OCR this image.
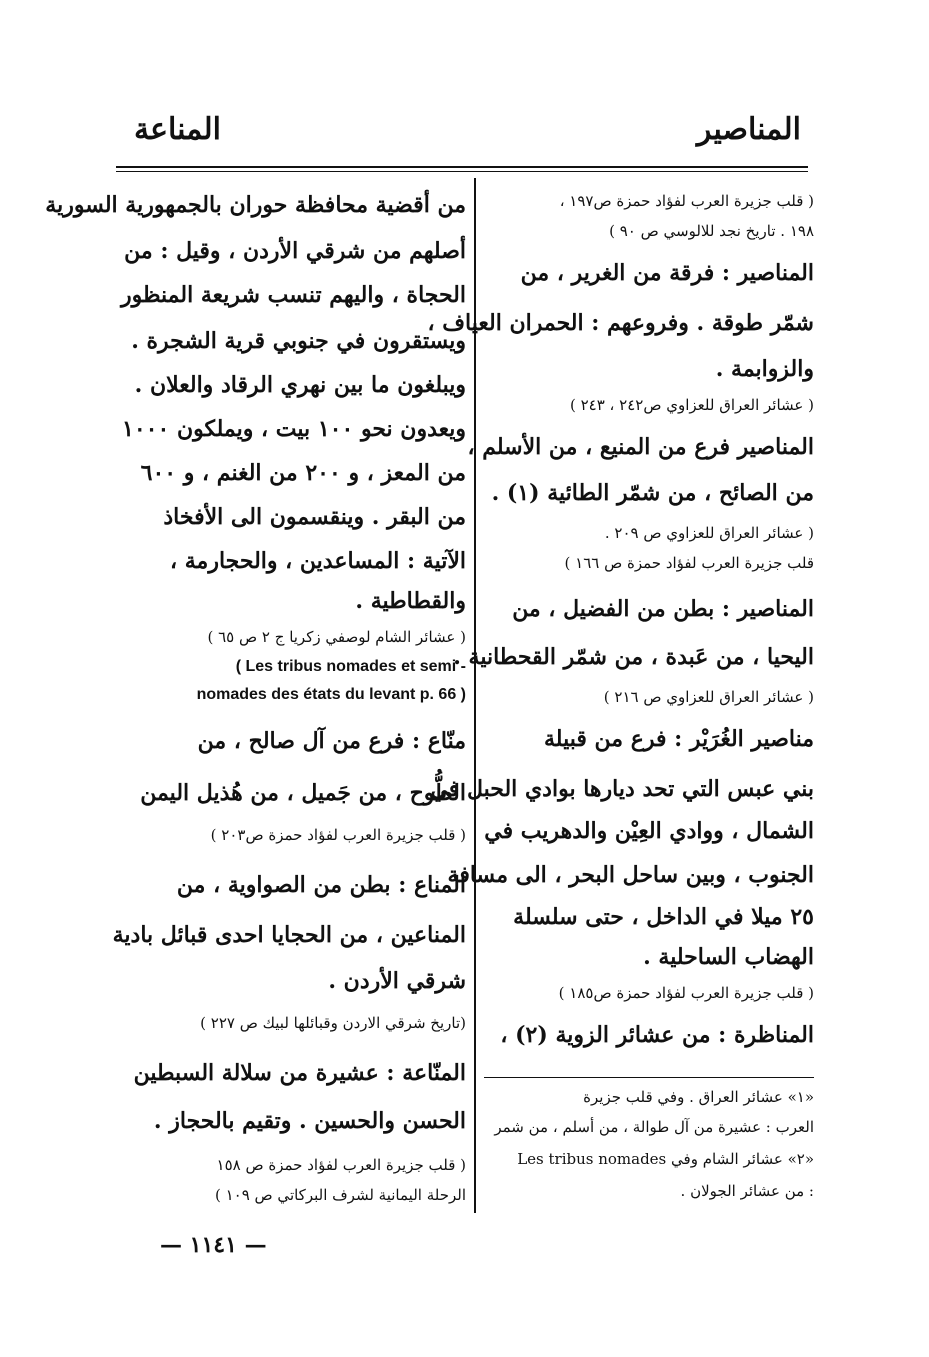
المناصير
المناعة
( قلب جزيرة العرب لفؤاد حمزة ص١٩٧ ،
١٩٨ . تاريخ نجد للالوسي ص ٩٠ )
المناصير : فرقة من الغرير ، من
شمّر طوقة . وفروعهم : الحمران العياف ،
والزوابمة .
( عشائر العراق للعزاوي ص٢٤٢ ، ٢٤٣ )
المناصير فرع من المنيع ، من الأسلم ،
من الصائح ، من شمّر الطائية (١) .
( عشائر العراق للعزاوي ص ٢٠٩ .
قلب جزيرة العرب لفؤاد حمزة ص ١٦٦ )
المناصير : بطن من الفضيل ، من
اليحيا ، من عَبدة ، من شمّر القحطانية .
( عشائر العراق للعزاوي ص ٢١٦ )
مناصير الغُرَيْر : فرع من قبيلة
بني عبس التي تحد ديارها بوادي الحبل في
الشمال ، ووادي العِيْن والدهريب في
الجنوب ، وبين ساحل البحر ، الى مسافة
٢٥ ميلا في الداخل ، حتى سلسلة
الهضاب الساحلية .
( قلب جزيرة العرب لفؤاد حمزة ص١٨٥ )
المناظرة : من عشائر الزوية (٢) ،
«١» عشائر العراق . وفي قلب جزيرة
العرب : عشيرة من آل طوالة ، من أسلم ، من شمر
«٢» عشائر الشام وفي Les tribus nomades
: من عشائر الجولان .
من أقضية محافظة حوران بالجمهورية السورية
أصلهم من شرقي الأردن ، وقيل : من
الحجاة ، واليهم تنسب شريعة المنظور
ويستقرون في جنوبي قرية الشجرة .
ويبلغون ما بين نهري الرقاد والعلان .
ويعدون نحو ١٠٠ بيت ، ويملكون ١٠٠٠
من المعز ، و ٢٠٠ من الغنم ، و ٦٠٠
من البقر . وينقسمون الى الأفخاذ
الآتية : المساعدين ، والحجارمة ،
والقطاطية .
( عشائر الشام لوصفي زكريا ج ٢ ص ٦٥ )
( Les tribus nomades et semi -
nomades des états du levant p. 66 )
منّاع : فرع من آل صالح ، من
الطُّوح ، من جَميل ، من هُذيل اليمن
( قلب جزيرة العرب لفؤاد حمزة ص٢٠٣ )
المناع : بطن من الصواوية ، من
المناعين ، من الحجايا احدى قبائل بادية
شرقي الأردن .
(تاريخ شرقي الاردن وقبائلها لبيك ص ٢٢٧ )
المنّاعة : عشيرة من سلالة السبطين
الحسن والحسين . وتقيم بالحجاز .
( قلب جزيرة العرب لفؤاد حمزة ص ١٥٨
الرحلة اليمانية لشرف البركاتي ص ١٠٩ )
— ١١٤١ —
